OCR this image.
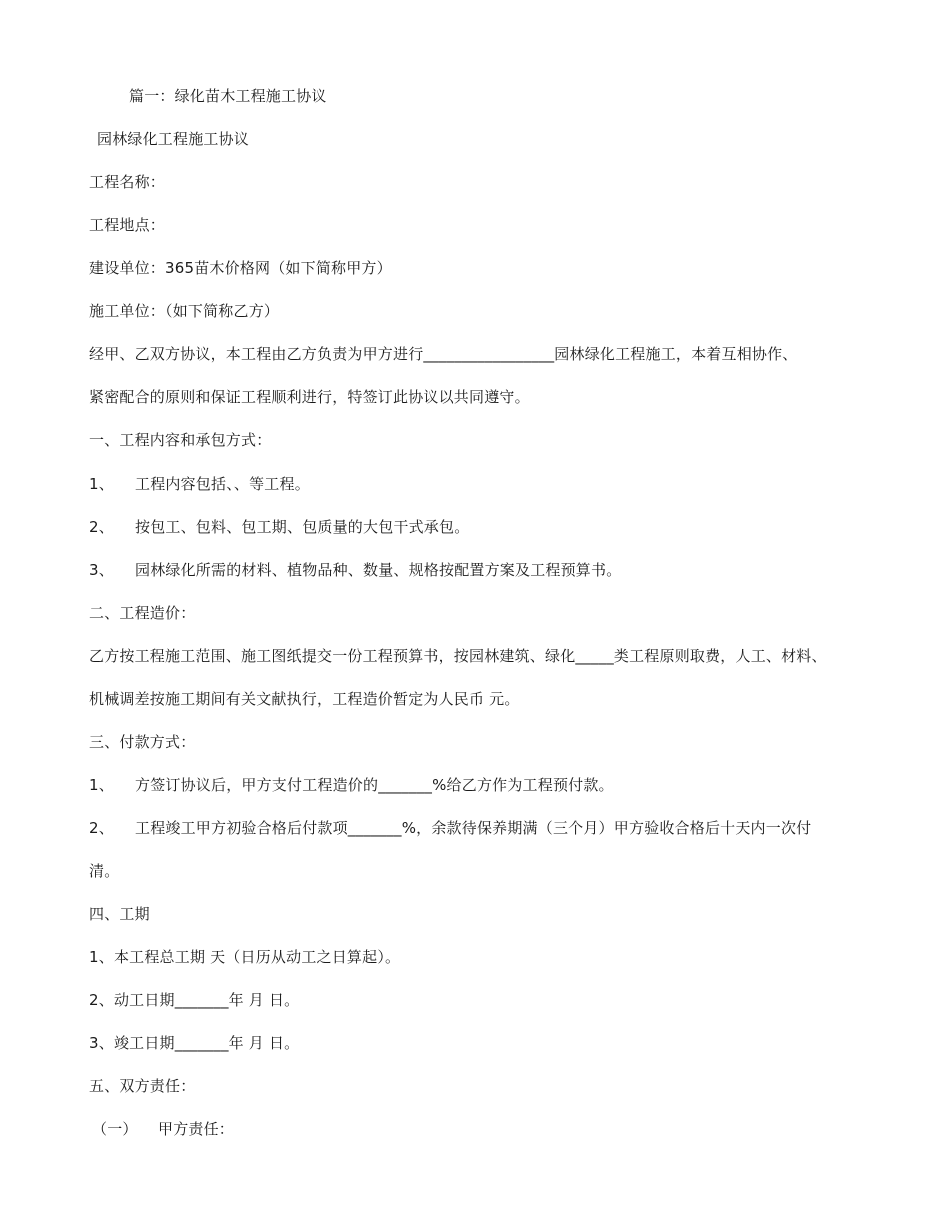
篇一：绿化苗木工程施工协议
园林绿化工程施工协议
工程名称：
工程地点：
建设单位：365苗木价格网（如下简称甲方）
施工单位：（如下简称乙方）
经甲、乙双方协议，本工程由乙方负责为甲方进行_________________园林绿化工程施工，本着互相协作、
紧密配合的原则和保证工程顺利进行，特签订此协议以共同遵守。
一、工程内容和承包方式：
1、 工程内容包括、、等工程。
2、 按包工、包料、包工期、包质量的大包干式承包。
3、 园林绿化所需的材料、植物品种、数量、规格按配置方案及工程预算书。
二、工程造价：
乙方按工程施工范围、施工图纸提交一份工程预算书，按园林建筑、绿化_____类工程原则取费，人工、材料、
机械调差按施工期间有关文献执行，工程造价暂定为人民币 元。
三、付款方式：
1、 方签订协议后，甲方支付工程造价的_______%给乙方作为工程预付款。
2、 工程竣工甲方初验合格后付款项_______%，余款待保养期满（三个月）甲方验收合格后十天内一次付
清。
四、工期
1、本工程总工期 天（日历从动工之日算起）。
2、动工日期_______年 月 日。
3、竣工日期_______年 月 日。
五、双方责任：
（一） 甲方责任：
